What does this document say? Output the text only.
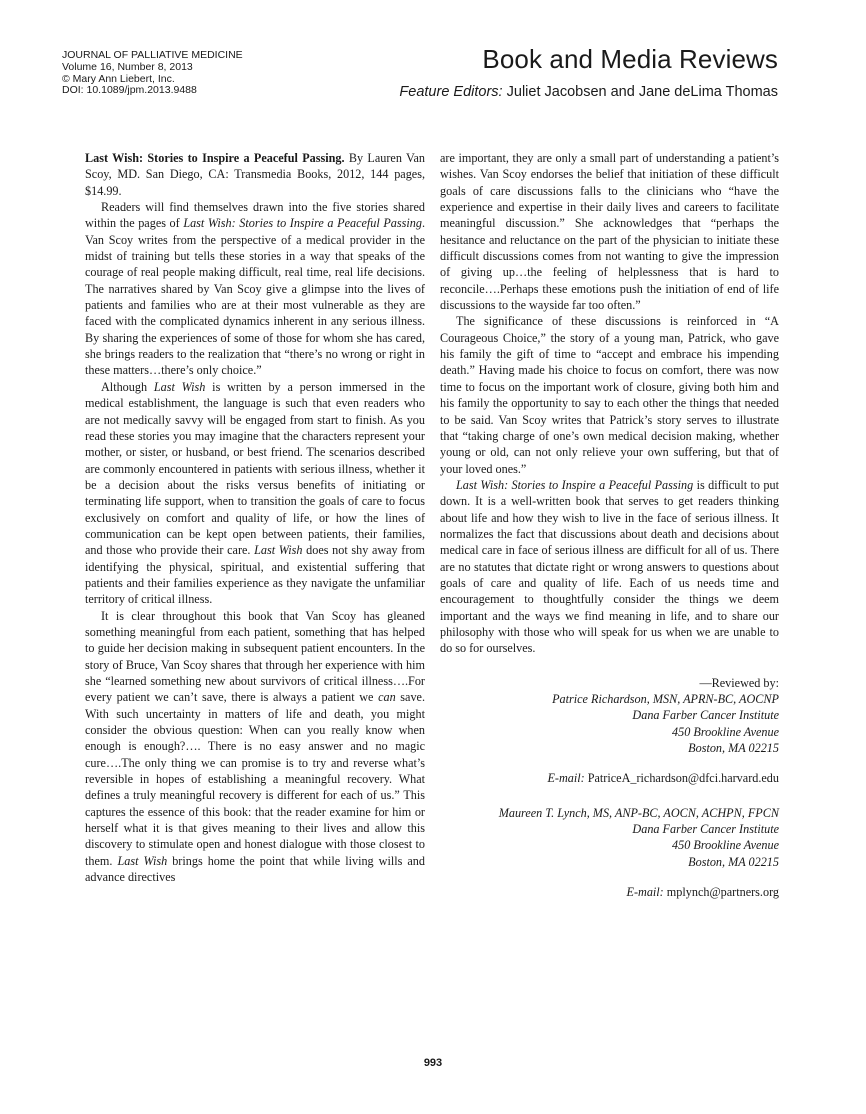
JOURNAL OF PALLIATIVE MEDICINE
Volume 16, Number 8, 2013
© Mary Ann Liebert, Inc.
DOI: 10.1089/jpm.2013.9488
Book and Media Reviews
Feature Editors: Juliet Jacobsen and Jane deLima Thomas

Last Wish: Stories to Inspire a Peaceful Passing. By Lauren Van Scoy, MD. San Diego, CA: Transmedia Books, 2012, 144 pages, $14.99.

Readers will find themselves drawn into the five stories shared within the pages of Last Wish: Stories to Inspire a Peaceful Passing. Van Scoy writes from the perspective of a medical provider in the midst of training but tells these stories in a way that speaks of the courage of real people making difficult, real time, real life decisions. The narratives shared by Van Scoy give a glimpse into the lives of patients and families who are at their most vulnerable as they are faced with the complicated dynamics inherent in any serious illness. By sharing the experiences of some of those for whom she has cared, she brings readers to the realization that “there’s no wrong or right in these matters…there’s only choice.”

Although Last Wish is written by a person immersed in the medical establishment, the language is such that even readers who are not medically savvy will be engaged from start to finish. As you read these stories you may imagine that the characters represent your mother, or sister, or husband, or best friend. The scenarios described are commonly encountered in patients with serious illness, whether it be a decision about the risks versus benefits of initiating or terminating life support, when to transition the goals of care to focus exclusively on comfort and quality of life, or how the lines of communication can be kept open between patients, their families, and those who provide their care. Last Wish does not shy away from identifying the physical, spiritual, and existential suffering that patients and their families experience as they navigate the unfamiliar territory of critical illness.

It is clear throughout this book that Van Scoy has gleaned something meaningful from each patient, something that has helped to guide her decision making in subsequent patient encounters. In the story of Bruce, Van Scoy shares that through her experience with him she “learned something new about survivors of critical illness….For every patient we can’t save, there is always a patient we can save. With such uncertainty in matters of life and death, you might consider the obvious question: When can you really know when enough is enough?…. There is no easy answer and no magic cure….The only thing we can promise is to try and reverse what’s reversible in hopes of establishing a meaningful recovery. What defines a truly meaningful recovery is different for each of us.” This captures the essence of this book: that the reader examine for him or herself what it is that gives meaning to their lives and allow this discovery to stimulate open and honest dialogue with those closest to them. Last Wish brings home the point that while living wills and advance directives

are important, they are only a small part of understanding a patient’s wishes. Van Scoy endorses the belief that initiation of these difficult goals of care discussions falls to the clinicians who “have the experience and expertise in their daily lives and careers to facilitate meaningful discussion.” She acknowledges that “perhaps the hesitance and reluctance on the part of the physician to initiate these difficult discussions comes from not wanting to give the impression of giving up…the feeling of helplessness that is hard to reconcile….Perhaps these emotions push the initiation of end of life discussions to the wayside far too often.”

The significance of these discussions is reinforced in “A Courageous Choice,” the story of a young man, Patrick, who gave his family the gift of time to “accept and embrace his impending death.” Having made his choice to focus on comfort, there was now time to focus on the important work of closure, giving both him and his family the opportunity to say to each other the things that needed to be said. Van Scoy writes that Patrick’s story serves to illustrate that “taking charge of one’s own medical decision making, whether young or old, can not only relieve your own suffering, but that of your loved ones.”

Last Wish: Stories to Inspire a Peaceful Passing is difficult to put down. It is a well-written book that serves to get readers thinking about life and how they wish to live in the face of serious illness. It normalizes the fact that discussions about death and decisions about medical care in face of serious illness are difficult for all of us. There are no statutes that dictate right or wrong answers to questions about goals of care and quality of life. Each of us needs time and encouragement to thoughtfully consider the things we deem important and the ways we find meaning in life, and to share our philosophy with those who will speak for us when we are unable to do so for ourselves.

—Reviewed by:
Patrice Richardson, MSN, APRN-BC, AOCNP
Dana Farber Cancer Institute
450 Brookline Avenue
Boston, MA 02215
E-mail: PatriceA_richardson@dfci.harvard.edu
Maureen T. Lynch, MS, ANP-BC, AOCN, ACHPN, FPCN
Dana Farber Cancer Institute
450 Brookline Avenue
Boston, MA 02215
E-mail: mplynch@partners.org
993
